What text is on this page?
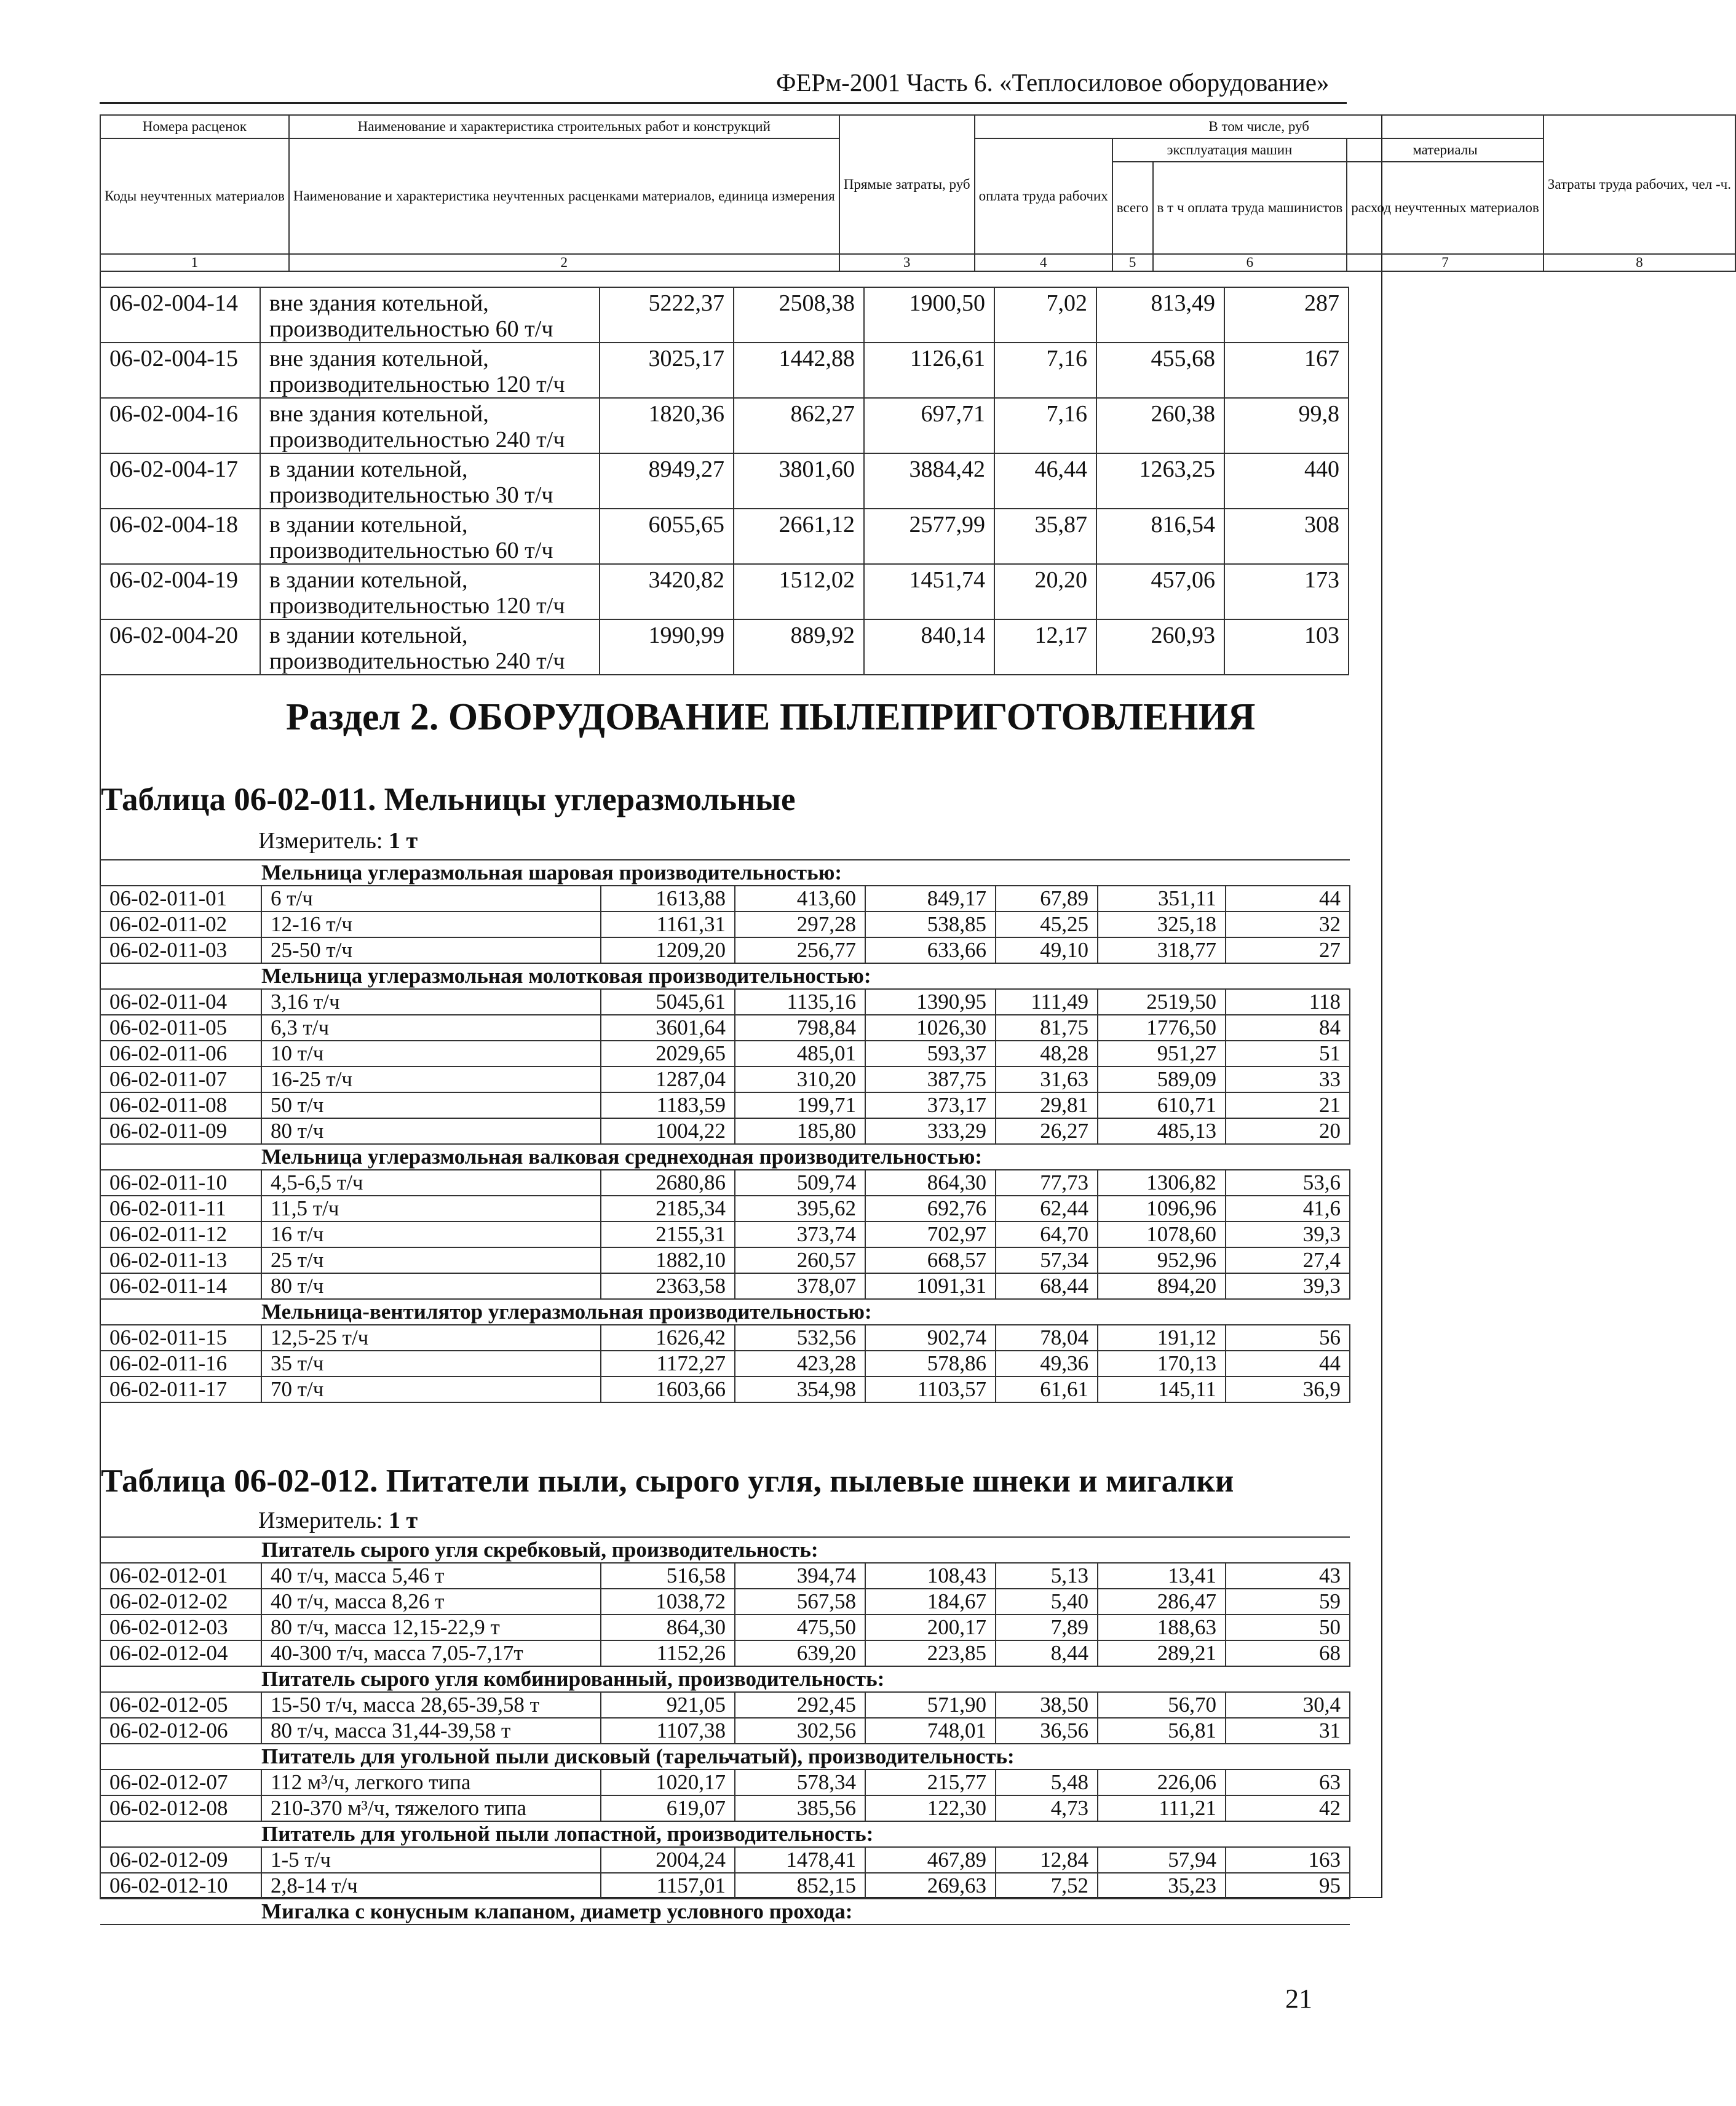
ФЕРм-2001 Часть 6. «Теплосиловое оборудование»
Номера расценок	Наименование и характеристика строительных работ и конструкций	Прямые затраты, руб	В том числе, руб				Затраты труда рабочих, чел -ч.
Коды неучтенных материалов	Наименование и характеристика неучтенных расценками материалов, единица измерения		оплата труда рабочих	эксплуатация машин		материалы	
				всего	в т ч оплата труда машинистов	расход неучтенных материалов	

1	2	3	4	5	6	7	8
06-02-004-14	вне здания котельной, производительностью 60 т/ч	5222,37	2508,38	1900,50	7,02	813,49	287
06-02-004-15	вне здания котельной, производительностью 120 т/ч	3025,17	1442,88	1126,61	7,16	455,68	167
06-02-004-16	вне здания котельной, производительностью 240 т/ч	1820,36	862,27	697,71	7,16	260,38	99,8
06-02-004-17	в здании котельной, производительностью 30 т/ч	8949,27	3801,60	3884,42	46,44	1263,25	440
06-02-004-18	в здании котельной, производительностью 60 т/ч	6055,65	2661,12	2577,99	35,87	816,54	308
06-02-004-19	в здании котельной, производительностью 120 т/ч	3420,82	1512,02	1451,74	20,20	457,06	173
06-02-004-20	в здании котельной, производительностью 240 т/ч	1990,99	889,92	840,14	12,17	260,93	103
Раздел 2. ОБОРУДОВАНИЕ ПЫЛЕПРИГОТОВЛЕНИЯ
Таблица 06-02-011. Мельницы углеразмольные
Измеритель: 1 т
Мельница углеразмольная шаровая производительностью:							
06-02-011-01	6 т/ч	1613,88	413,60	849,17	67,89	351,11	44
06-02-011-02	12-16 т/ч	1161,31	297,28	538,85	45,25	325,18	32
06-02-011-03	25-50 т/ч	1209,20	256,77	633,66	49,10	318,77	27
Мельница углеразмольная молотковая производительностью:							
06-02-011-04	3,16 т/ч	5045,61	1135,16	1390,95	111,49	2519,50	118
06-02-011-05	6,3 т/ч	3601,64	798,84	1026,30	81,75	1776,50	84
06-02-011-06	10 т/ч	2029,65	485,01	593,37	48,28	951,27	51
06-02-011-07	16-25 т/ч	1287,04	310,20	387,75	31,63	589,09	33
06-02-011-08	50 т/ч	1183,59	199,71	373,17	29,81	610,71	21
06-02-011-09	80 т/ч	1004,22	185,80	333,29	26,27	485,13	20
Мельница углеразмольная валковая среднеходная производительностью:							
06-02-011-10	4,5-6,5 т/ч	2680,86	509,74	864,30	77,73	1306,82	53,6
06-02-011-11	11,5 т/ч	2185,34	395,62	692,76	62,44	1096,96	41,6
06-02-011-12	16 т/ч	2155,31	373,74	702,97	64,70	1078,60	39,3
06-02-011-13	25 т/ч	1882,10	260,57	668,57	57,34	952,96	27,4
06-02-011-14	80 т/ч	2363,58	378,07	1091,31	68,44	894,20	39,3
Мельница-вентилятор углеразмольная производительностью:							
06-02-011-15	12,5-25 т/ч	1626,42	532,56	902,74	78,04	191,12	56
06-02-011-16	35 т/ч	1172,27	423,28	578,86	49,36	170,13	44
06-02-011-17	70 т/ч	1603,66	354,98	1103,57	61,61	145,11	36,9
Таблица 06-02-012. Питатели пыли, сырого угля, пылевые шнеки и мигалки
Измеритель: 1 т
Питатель сырого угля скребковый, производительность:							
06-02-012-01	40 т/ч, масса 5,46 т	516,58	394,74	108,43	5,13	13,41	43
06-02-012-02	40 т/ч, масса 8,26 т	1038,72	567,58	184,67	5,40	286,47	59
06-02-012-03	80 т/ч, масса 12,15-22,9 т	864,30	475,50	200,17	7,89	188,63	50
06-02-012-04	40-300 т/ч, масса 7,05-7,17т	1152,26	639,20	223,85	8,44	289,21	68
Питатель сырого угля комбинированный, производительность:							
06-02-012-05	15-50 т/ч, масса 28,65-39,58 т	921,05	292,45	571,90	38,50	56,70	30,4
06-02-012-06	80 т/ч, масса 31,44-39,58 т	1107,38	302,56	748,01	36,56	56,81	31
Питатель для угольной пыли дисковый (тарельчатый), производительность:							
06-02-012-07	112 м³/ч, легкого типа	1020,17	578,34	215,77	5,48	226,06	63
06-02-012-08	210-370 м³/ч, тяжелого типа	619,07	385,56	122,30	4,73	111,21	42
Питатель для угольной пыли лопастной, производительность:							
06-02-012-09	1-5 т/ч	2004,24	1478,41	467,89	12,84	57,94	163
06-02-012-10	2,8-14 т/ч	1157,01	852,15	269,63	7,52	35,23	95
Мигалка с конусным клапаном, диаметр условного прохода:							
21
